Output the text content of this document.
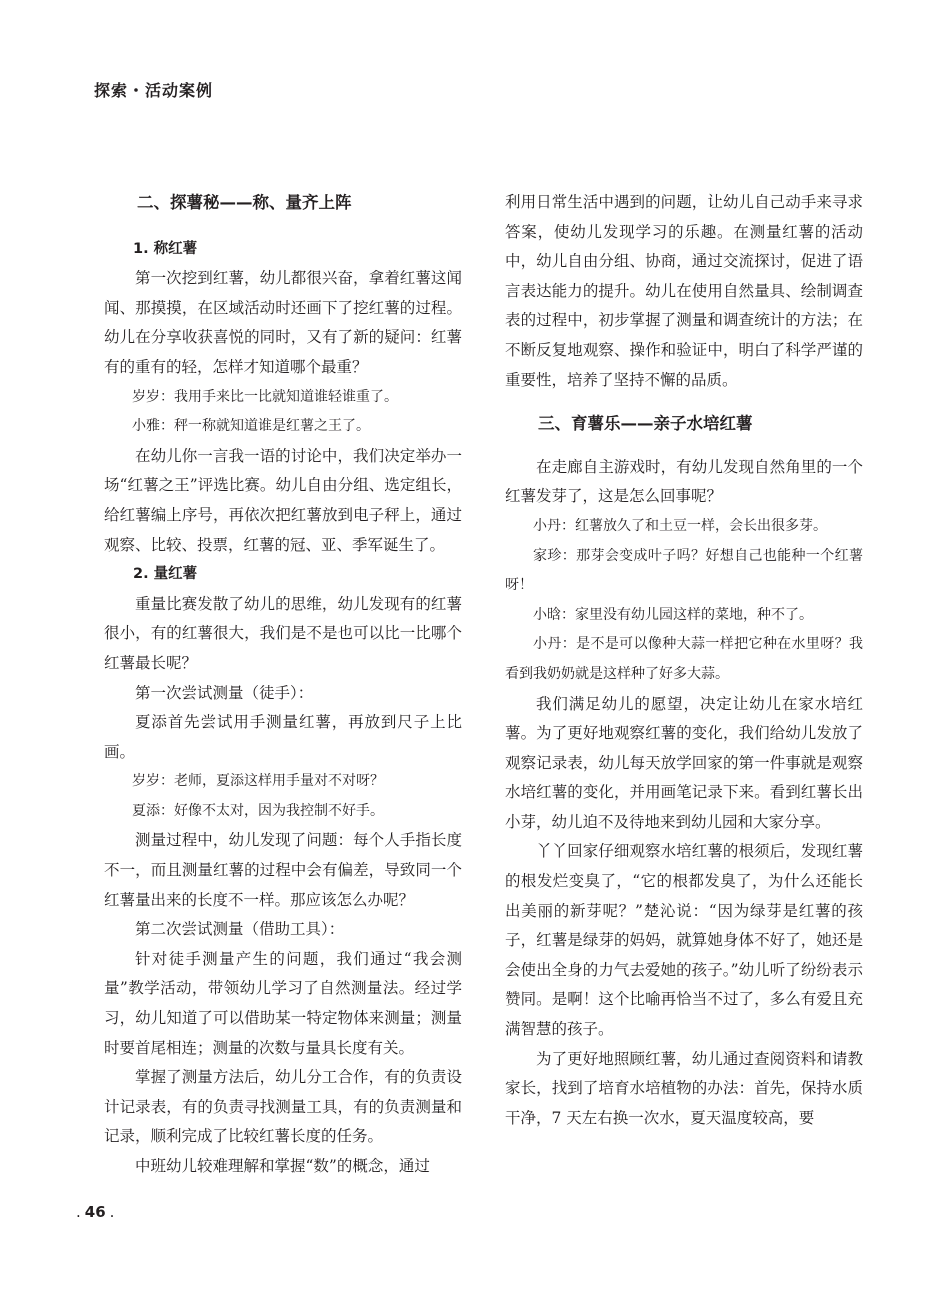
探索・活动案例

二、探薯秘——称、量齐上阵

1. 称红薯

第一次挖到红薯，幼儿都很兴奋，拿着红薯这闻闻、那摸摸，在区域活动时还画下了挖红薯的过程。幼儿在分享收获喜悦的同时，又有了新的疑问：红薯有的重有的轻，怎样才知道哪个最重？

岁岁：我用手来比一比就知道谁轻谁重了。

小雅：秤一称就知道谁是红薯之王了。

在幼儿你一言我一语的讨论中，我们决定举办一场“红薯之王”评选比赛。幼儿自由分组、选定组长，给红薯编上序号，再依次把红薯放到电子秤上，通过观察、比较、投票，红薯的冠、亚、季军诞生了。

2. 量红薯

重量比赛发散了幼儿的思维，幼儿发现有的红薯很小，有的红薯很大，我们是不是也可以比一比哪个红薯最长呢？

第一次尝试测量（徒手）：

夏添首先尝试用手测量红薯，再放到尺子上比画。

岁岁：老师，夏添这样用手量对不对呀？

夏添：好像不太对，因为我控制不好手。

测量过程中，幼儿发现了问题：每个人手指长度不一，而且测量红薯的过程中会有偏差，导致同一个红薯量出来的长度不一样。那应该怎么办呢？

第二次尝试测量（借助工具）：

针对徒手测量产生的问题，我们通过“我会测量”教学活动，带领幼儿学习了自然测量法。经过学习，幼儿知道了可以借助某一特定物体来测量；测量时要首尾相连；测量的次数与量具长度有关。

掌握了测量方法后，幼儿分工合作，有的负责设计记录表，有的负责寻找测量工具，有的负责测量和记录，顺利完成了比较红薯长度的任务。

中班幼儿较难理解和掌握“数”的概念，通过

利用日常生活中遇到的问题，让幼儿自己动手来寻求答案，使幼儿发现学习的乐趣。在测量红薯的活动中，幼儿自由分组、协商，通过交流探讨，促进了语言表达能力的提升。幼儿在使用自然量具、绘制调查表的过程中，初步掌握了测量和调查统计的方法；在不断反复地观察、操作和验证中，明白了科学严谨的重要性，培养了坚持不懈的品质。

三、育薯乐——亲子水培红薯

在走廊自主游戏时，有幼儿发现自然角里的一个红薯发芽了，这是怎么回事呢？

小丹：红薯放久了和土豆一样，会长出很多芽。

家珍：那芽会变成叶子吗？好想自己也能种一个红薯呀！

小晗：家里没有幼儿园这样的菜地，种不了。

小丹：是不是可以像种大蒜一样把它种在水里呀？我看到我奶奶就是这样种了好多大蒜。

我们满足幼儿的愿望，决定让幼儿在家水培红薯。为了更好地观察红薯的变化，我们给幼儿发放了观察记录表，幼儿每天放学回家的第一件事就是观察水培红薯的变化，并用画笔记录下来。看到红薯长出小芽，幼儿迫不及待地来到幼儿园和大家分享。

丫丫回家仔细观察水培红薯的根须后，发现红薯的根发烂变臭了，“它的根都发臭了，为什么还能长出美丽的新芽呢？”楚沁说：“因为绿芽是红薯的孩子，红薯是绿芽的妈妈，就算她身体不好了，她还是会使出全身的力气去爱她的孩子。”幼儿听了纷纷表示赞同。是啊！这个比喻再恰当不过了，多么有爱且充满智慧的孩子。

为了更好地照顾红薯，幼儿通过查阅资料和请教家长，找到了培育水培植物的办法：首先，保持水质干净，7 天左右换一次水，夏天温度较高，要

. 46 .
